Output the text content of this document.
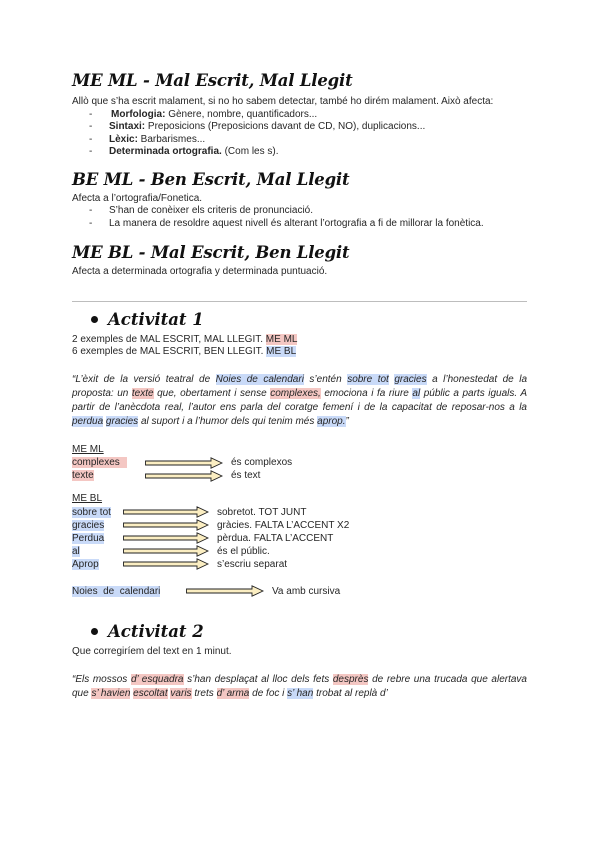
ME ML - Mal Escrit, Mal Llegit

Allò que s’ha escrit malament, si no ho sabem detectar, també ho dirém malament. Això afecta:

- Morfologia: Gènere, nombre, quantificadors...
- Sintaxi: Preposicions (Preposicions davant de CD, NO), duplicacions...
- Lèxic: Barbarismes...
- Determinada ortografia. (Com les s).
BE ML - Ben Escrit, Mal Llegit

Afecta a l’ortografia/Fonetica.

- S’han de conèixer els criteris de pronunciació.
- La manera de resoldre aquest nivell és alterant l’ortografia a fi de millorar la fonètica.
ME BL - Mal Escrit, Ben Llegit

Afecta a determinada ortografia y determinada puntuació.

Activitat 1

2 exemples de MAL ESCRIT, MAL LLEGIT. ME ML

6 exemples de MAL ESCRIT, BEN LLEGIT. ME BL

“L’èxit de la versió teatral de Noies de calendari s’entén sobre tot gracies a l’honestedat de la proposta: un texte que, obertament i sense complexes, emociona i fa riure al públic a parts iguals. A partir de l’anècdota real, l’autor ens parla del coratge femení i de la capacitat de reposar-nos a la perdua gracies al suport i a l’humor dels qui tenim més aprop.”

ME ML

complexes	és complexos
texte	és text

ME BL

sobre tot	sobretot. TOT JUNT
gracies	gràcies. FALTA L’ACCENT X2
Perdua	pèrdua. FALTA L’ACCENT
al	és el públic.
Aprop	s’escriu separat
Noies  de  calendari	Va amb cursiva
Activitat 2

Que corregiríem del text en 1 minut.

“Els mossos d’ esquadra s’han desplaçat al lloc dels fets desprès de rebre una trucada que alertava que s’ havien escoltat varis trets d’ arma de foc i s’ han trobat al replà d’
